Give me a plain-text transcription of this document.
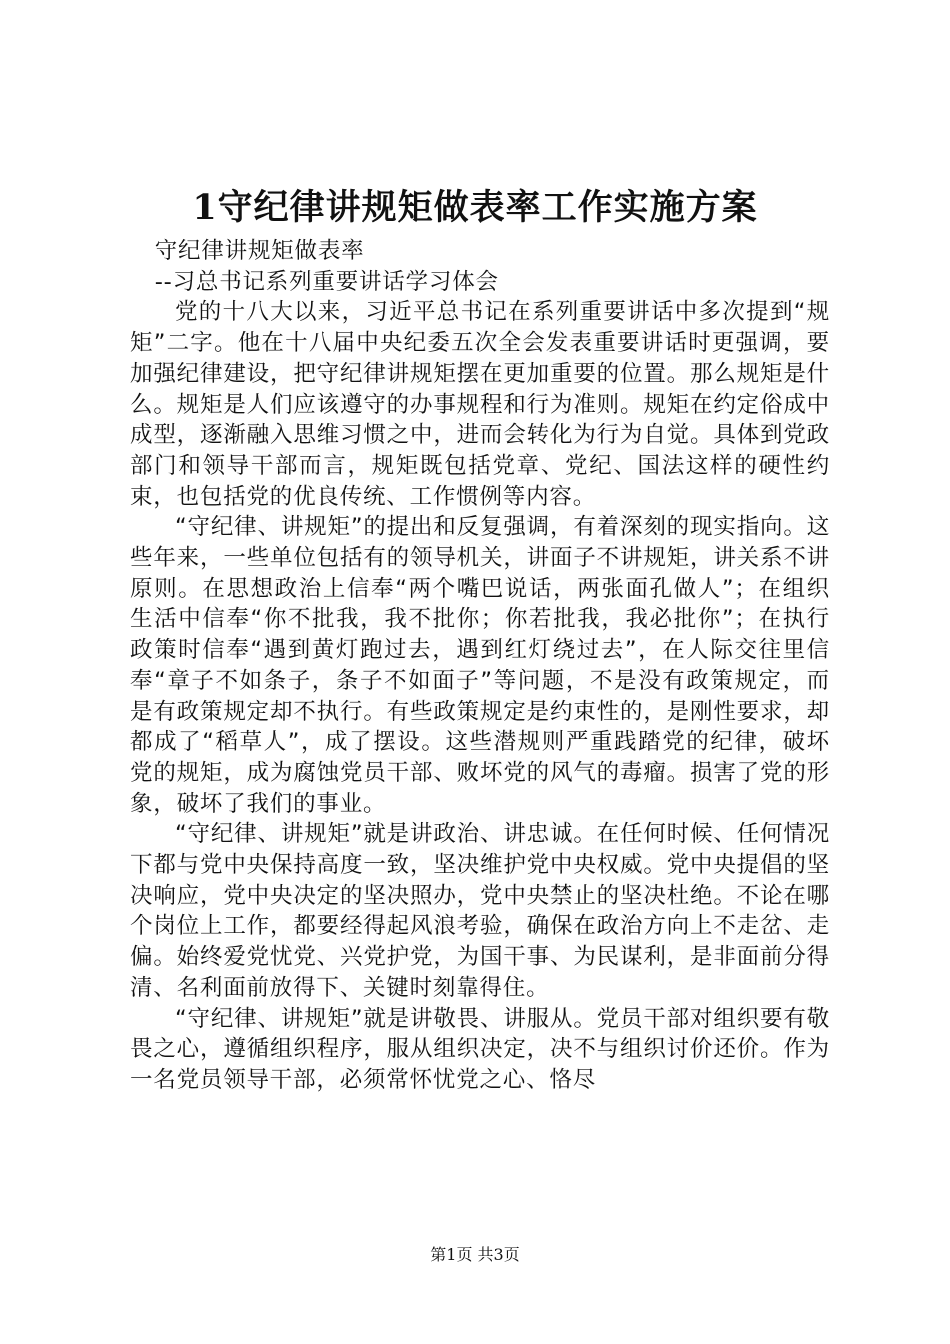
1守纪律讲规矩做表率工作实施方案

守纪律讲规矩做表率

--习总书记系列重要讲话学习体会

党的十八大以来，习近平总书记在系列重要讲话中多次提到“规矩”二字。他在十八届中央纪委五次全会发表重要讲话时更强调，要加强纪律建设，把守纪律讲规矩摆在更加重要的位置。那么规矩是什么。规矩是人们应该遵守的办事规程和行为准则。规矩在约定俗成中成型，逐渐融入思维习惯之中，进而会转化为行为自觉。具体到党政部门和领导干部而言，规矩既包括党章、党纪、国法这样的硬性约束，也包括党的优良传统、工作惯例等内容。

“守纪律、讲规矩”的提出和反复强调，有着深刻的现实指向。这些年来，一些单位包括有的领导机关，讲面子不讲规矩，讲关系不讲原则。在思想政治上信奉“两个嘴巴说话，两张面孔做人”；在组织生活中信奉“你不批我，我不批你；你若批我，我必批你”；在执行政策时信奉“遇到黄灯跑过去，遇到红灯绕过去”，在人际交往里信奉“章子不如条子，条子不如面子”等问题，不是没有政策规定，而是有政策规定却不执行。有些政策规定是约束性的，是刚性要求，却都成了“稻草人”，成了摆设。这些潜规则严重践踏党的纪律，破坏党的规矩，成为腐蚀党员干部、败坏党的风气的毒瘤。损害了党的形象，破坏了我们的事业。

“守纪律、讲规矩”就是讲政治、讲忠诚。在任何时候、任何情况下都与党中央保持高度一致，坚决维护党中央权威。党中央提倡的坚决响应，党中央决定的坚决照办，党中央禁止的坚决杜绝。不论在哪个岗位上工作，都要经得起风浪考验，确保在政治方向上不走岔、走偏。始终爱党忧党、兴党护党，为国干事、为民谋利，是非面前分得清、名利面前放得下、关键时刻靠得住。

“守纪律、讲规矩”就是讲敬畏、讲服从。党员干部对组织要有敬畏之心，遵循组织程序，服从组织决定，决不与组织讨价还价。作为一名党员领导干部，必须常怀忧党之心、恪尽

第1页 共3页
